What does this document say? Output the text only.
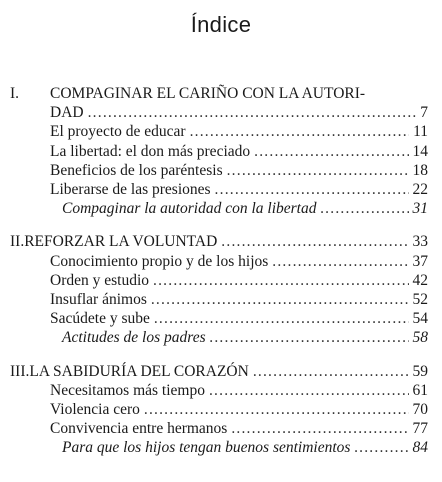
Índice
I.	COMPAGINAR EL CARIÑO CON LA AUTORI-
DAD .....	7
El proyecto de educar .....	11
La libertad: el don más preciado .....	14
Beneficios de los paréntesis .....	18
Liberarse de las presiones .....	22
Compaginar la autoridad con la libertad .....	31
II. REFORZAR LA VOLUNTAD .....	33
Conocimiento propio y de los hijos .....	37
Orden y estudio .....	42
Insuflar ánimos .....	52
Sacúdete y sube .....	54
Actitudes de los padres .....	58
III. LA SABIDURÍA DEL CORAZÓN .....	59
Necesitamos más tiempo .....	61
Violencia cero .....	70
Convivencia entre hermanos .....	77
Para que los hijos tengan buenos sentimientos .....	84
